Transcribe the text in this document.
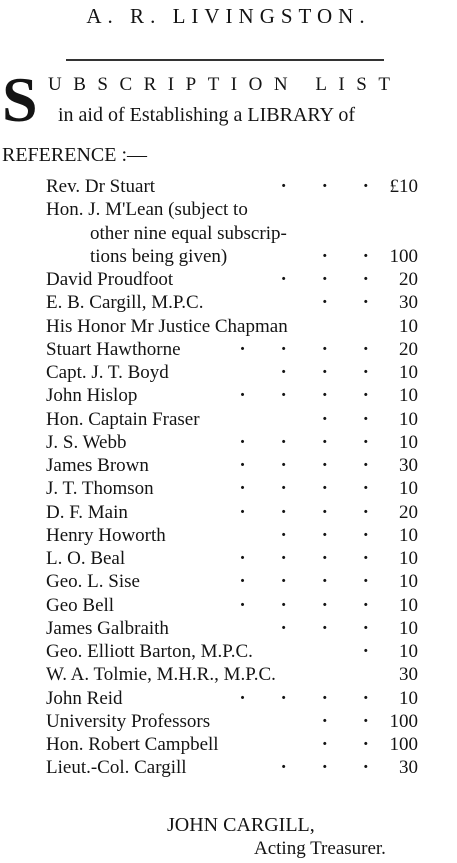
A. R. LIVINGSTON.
S UBSCRIPTION LIST
in aid of Establishing a LIBRARY of
REFERENCE :—
Rev. Dr Stuart	· · · £10
Hon. J. M'Lean (subject to
other nine equal subscrip-
tions being given)	· · 100
David Proudfoot	· · · 20
E. B. Cargill, M.P.C.	· · 30
His Honor Mr Justice Chapman	10
Stuart Hawthorne	· · · · 20
Capt. J. T. Boyd	· · · 10
John Hislop	· · · · 10
Hon. Captain Fraser	· · 10
J. S. Webb	· · · · 10
James Brown	· · · · 30
J. T. Thomson	· · · · 10
D. F. Main	· · · · 20
Henry Howorth	· · · 10
L. O. Beal	· · · · 10
Geo. L. Sise	· · · · 10
Geo Bell	· · · · 10
James Galbraith	· · · 10
Geo. Elliott Barton, M.P.C.	· 10
W. A. Tolmie, M.H.R., M.P.C.	30
John Reid	· · · · 10
University Professors	· · 100
Hon. Robert Campbell	· · 100
Lieut.-Col. Cargill	· · · 30
JOHN CARGILL,
Acting Treasurer.
